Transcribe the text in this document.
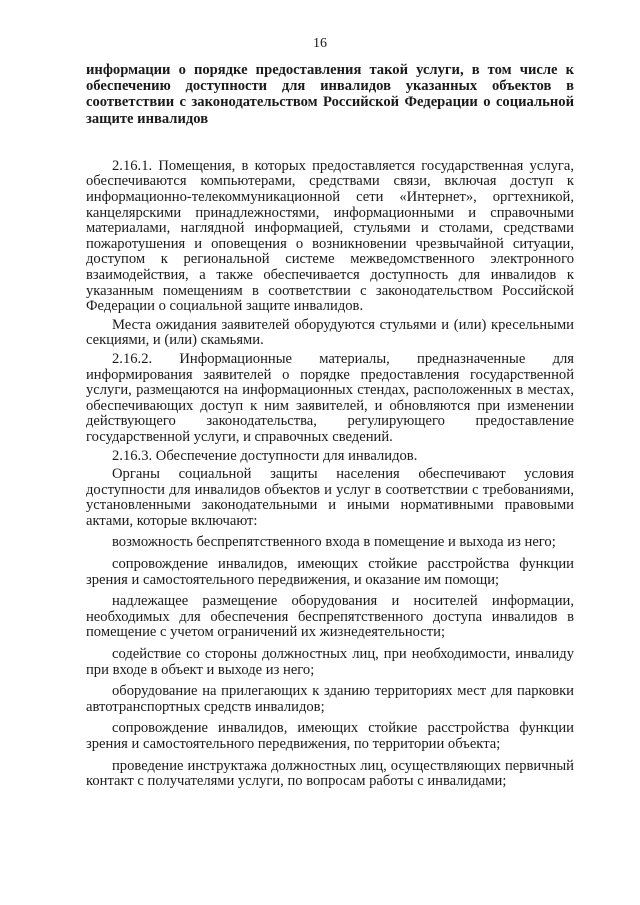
16

информации о порядке предоставления такой услуги, в том числе к обеспечению доступности для инвалидов указанных объектов в соответствии с законодательством Российской Федерации о социальной защите инвалидов

2.16.1. Помещения, в которых предоставляется государственная услуга, обеспечиваются компьютерами, средствами связи, включая доступ к информационно-телекоммуникационной сети «Интернет», оргтехникой, канцелярскими принадлежностями, информационными и справочными материалами, наглядной информацией, стульями и столами, средствами пожаротушения и оповещения о возникновении чрезвычайной ситуации, доступом к региональной системе межведомственного электронного взаимодействия, а также обеспечивается доступность для инвалидов к указанным помещениям в соответствии с законодательством Российской Федерации о социальной защите инвалидов.

Места ожидания заявителей оборудуются стульями и (или) кресельными секциями, и (или) скамьями.

2.16.2. Информационные материалы, предназначенные для информирования заявителей о порядке предоставления государственной услуги, размещаются на информационных стендах, расположенных в местах, обеспечивающих доступ к ним заявителей, и обновляются при изменении действующего законодательства, регулирующего предоставление государственной услуги, и справочных сведений.

2.16.3. Обеспечение доступности для инвалидов.

Органы социальной защиты населения обеспечивают условия доступности для инвалидов объектов и услуг в соответствии с требованиями, установленными законодательными и иными нормативными правовыми актами, которые включают:

возможность беспрепятственного входа в помещение и выхода из него;

сопровождение инвалидов, имеющих стойкие расстройства функции зрения и самостоятельного передвижения, и оказание им помощи;

надлежащее размещение оборудования и носителей информации, необходимых для обеспечения беспрепятственного доступа инвалидов в помещение с учетом ограничений их жизнедеятельности;

содействие со стороны должностных лиц, при необходимости, инвалиду при входе в объект и выходе из него;

оборудование на прилегающих к зданию территориях мест для парковки автотранспортных средств инвалидов;

сопровождение инвалидов, имеющих стойкие расстройства функции зрения и самостоятельного передвижения, по территории объекта;

проведение инструктажа должностных лиц, осуществляющих первичный контакт с получателями услуги, по вопросам работы с инвалидами;
